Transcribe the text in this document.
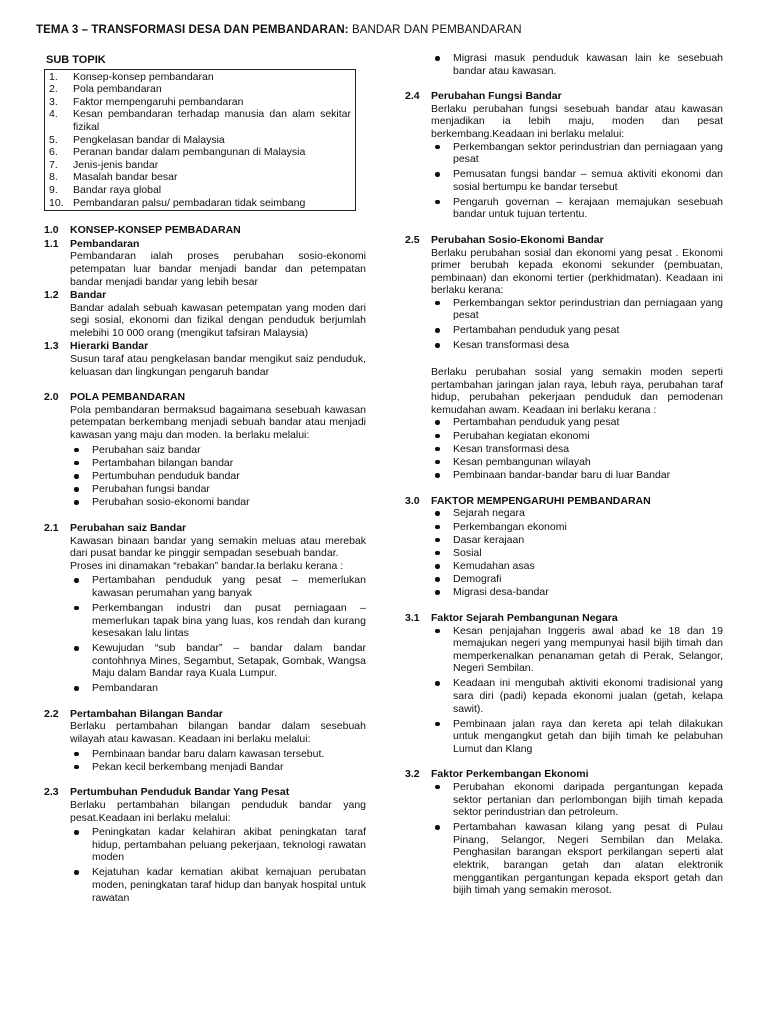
TEMA 3 – TRANSFORMASI DESA DAN PEMBANDARAN: BANDAR DAN PEMBANDARAN
SUB TOPIK
1.	Konsep-konsep pembandaran
2.	Pola pembandaran
3.	Faktor mempengaruhi pembandaran
4.	Kesan pembandaran terhadap manusia dan alam sekitar fizikal
5.	Pengkelasan bandar di Malaysia
6.	Peranan bandar dalam pembangunan di Malaysia
7.	Jenis-jenis bandar
8.	Masalah bandar besar
9.	Bandar raya global
10. Pembandaran palsu/ pembadaran tidak seimbang
1.0	KONSEP-KONSEP PEMBADARAN
1.1	Pembandaran
Pembandaran ialah proses perubahan sosio-ekonomi petempatan luar bandar menjadi bandar dan petempatan bandar menjadi bandar yang lebih besar
1.2	Bandar
Bandar adalah sebuah kawasan petempatan yang moden dari segi sosial, ekonomi dan fizikal dengan penduduk berjumlah melebihi 10 000 orang (mengikut tafsiran Malaysia)
1.3	Hierarki Bandar
Susun taraf atau pengkelasan bandar mengikut saiz penduduk, keluasan dan lingkungan pengaruh bandar
2.0	POLA PEMBANDARAN
Pola pembandaran bermaksud bagaimana sesebuah kawasan petempatan berkembang menjadi sebuah bandar atau menjadi kawasan yang maju dan moden. Ia berlaku melalui:
Perubahan saiz bandar
Pertambahan bilangan bandar
Pertumbuhan penduduk bandar
Perubahan fungsi bandar
Perubahan sosio-ekonomi bandar
2.1	Perubahan saiz Bandar
Kawasan binaan bandar yang semakin meluas atau merebak dari pusat bandar ke pinggir sempadan sesebuah bandar.
Proses ini dinamakan “rebakan” bandar.Ia berlaku kerana :
Pertambahan penduduk yang pesat – memerlukan kawasan perumahan yang banyak
Perkembangan industri dan pusat perniagaan – memerlukan tapak bina yang luas, kos rendah dan kurang kesesakan lalu lintas
Kewujudan “sub bandar” – bandar dalam bandar contohhnya Mines, Segambut, Setapak, Gombak, Wangsa Maju dalam Bandar raya Kuala Lumpur.
Pembandaran
2.2	Pertambahan Bilangan Bandar
Berlaku pertambahan bilangan bandar dalam sesebuah wilayah atau kawasan. Keadaan ini berlaku melalui:
Pembinaan bandar baru dalam kawasan tersebut.
Pekan kecil berkembang menjadi Bandar
2.3	Pertumbuhan Penduduk Bandar Yang Pesat
Berlaku pertambahan bilangan penduduk bandar yang pesat.Keadaan ini berlaku melalui:
Peningkatan kadar kelahiran akibat peningkatan taraf hidup, pertambahan peluang pekerjaan, teknologi rawatan moden
Kejatuhan kadar kematian akibat kemajuan perubatan moden, peningkatan taraf hidup dan banyak hospital untuk rawatan
Migrasi masuk penduduk kawasan lain ke sesebuah bandar atau kawasan.
2.4	Perubahan Fungsi Bandar
Berlaku perubahan fungsi sesebuah bandar atau kawasan menjadikan ia lebih maju, moden dan pesat berkembang.Keadaan ini berlaku melalui:
Perkembangan sektor perindustrian dan perniagaan yang pesat
Pemusatan fungsi bandar – semua aktiviti ekonomi dan sosial bertumpu ke bandar tersebut
Pengaruh governan – kerajaan memajukan sesebuah bandar untuk tujuan tertentu.
2.5	Perubahan Sosio-Ekonomi Bandar
Berlaku perubahan sosial dan ekonomi yang pesat . Ekonomi primer berubah kepada ekonomi sekunder (pembuatan, pembinaan) dan ekonomi tertier (perkhidmatan). Keadaan ini berlaku kerana:
Perkembangan sektor perindustrian dan perniagaan yang pesat
Pertambahan penduduk yang pesat
Kesan transformasi desa
Berlaku perubahan sosial yang semakin moden seperti pertambahan jaringan jalan raya, lebuh raya, perubahan taraf hidup, perubahan pekerjaan penduduk dan pemodenan kemudahan awam. Keadaan ini berlaku kerana :
Pertambahan penduduk yang pesat
Perubahan kegiatan ekonomi
Kesan transformasi desa
Kesan pembangunan wilayah
Pembinaan bandar-bandar baru di luar Bandar
3.0	FAKTOR MEMPENGARUHI PEMBANDARAN
Sejarah negara
Perkembangan ekonomi
Dasar kerajaan
Sosial
Kemudahan asas
Demografi
Migrasi desa-bandar
3.1	Faktor Sejarah Pembangunan Negara
Kesan penjajahan Inggeris awal abad ke 18 dan 19 memajukan negeri yang mempunyai hasil bijih timah dan memperkenalkan penanaman getah di Perak, Selangor, Negeri Sembilan.
Keadaan ini mengubah aktiviti ekonomi tradisional yang sara diri (padi) kepada ekonomi jualan (getah, kelapa sawit).
Pembinaan jalan raya dan kereta api telah dilakukan untuk mengangkut getah dan bijih timah ke pelabuhan Lumut dan Klang
3.2	Faktor Perkembangan Ekonomi
Perubahan ekonomi daripada pergantungan kepada sektor pertanian dan perlombongan bijih timah kepada sektor perindustrian dan petroleum.
Pertambahan kawasan kilang yang pesat di Pulau Pinang, Selangor, Negeri Sembilan dan Melaka. Penghasilan barangan eksport perkilangan seperti alat elektrik, barangan getah dan alatan elektronik menggantikan pergantungan kepada eksport getah dan bijih timah yang semakin merosot.
